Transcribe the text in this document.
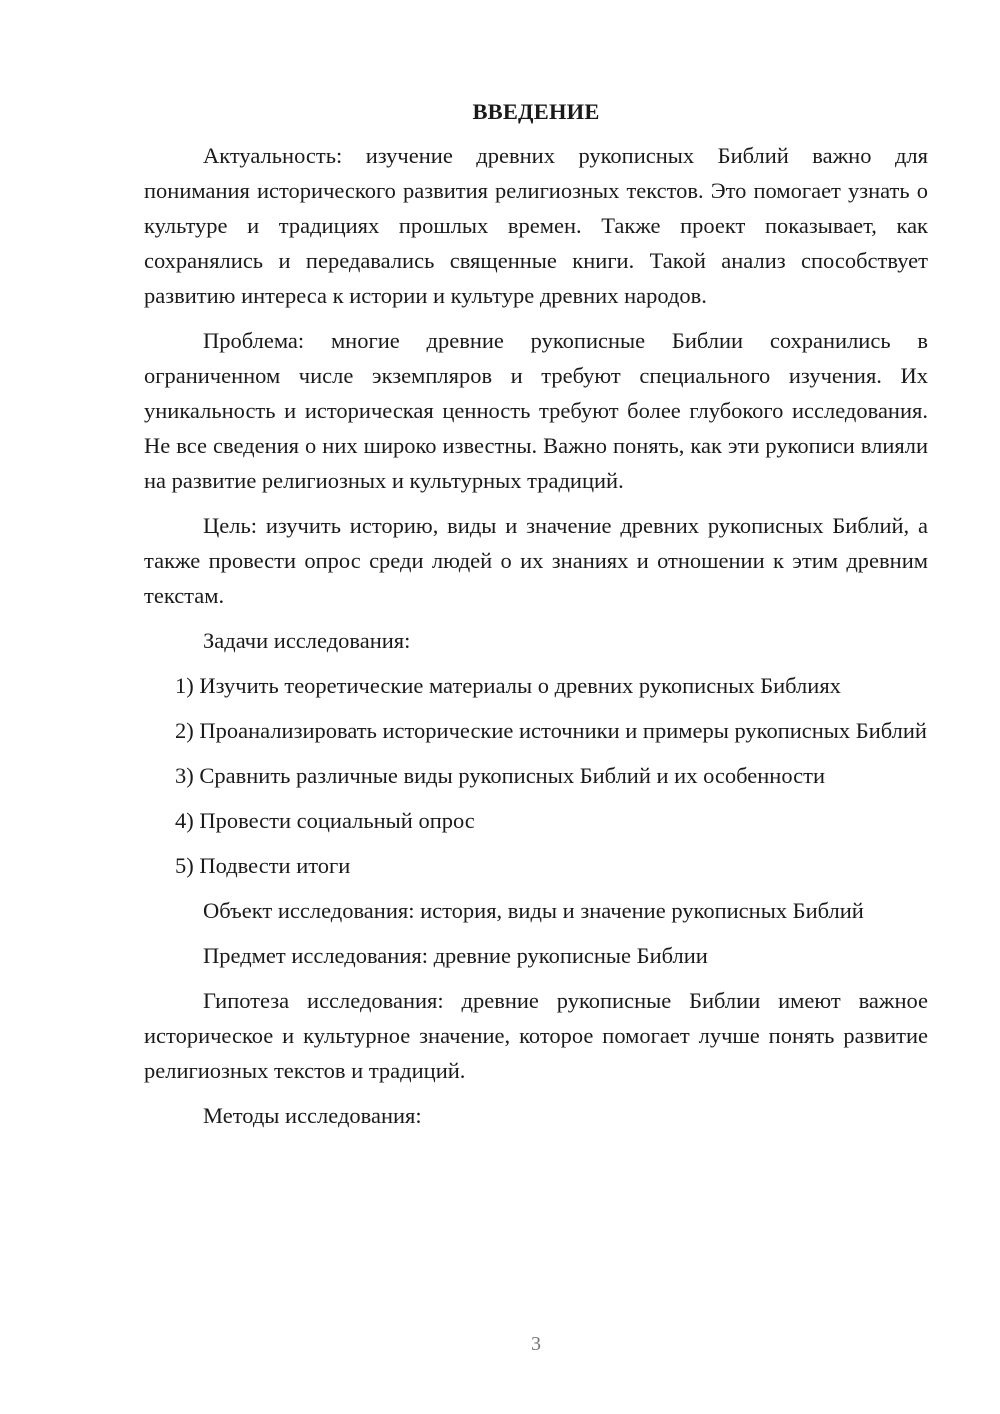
ВВЕДЕНИЕ

Актуальность: изучение древних рукописных Библий важно для понимания исторического развития религиозных текстов. Это помогает узнать о культуре и традициях прошлых времен. Также проект показывает, как сохранялись и передавались священные книги. Такой анализ способствует развитию интереса к истории и культуре древних народов.

Проблема: многие древние рукописные Библии сохранились в ограниченном числе экземпляров и требуют специального изучения. Их уникальность и историческая ценность требуют более глубокого исследования. Не все сведения о них широко известны. Важно понять, как эти рукописи влияли на развитие религиозных и культурных традиций.

Цель: изучить историю, виды и значение древних рукописных Библий, а также провести опрос среди людей о их знаниях и отношении к этим древним текстам.

Задачи исследования:

1) Изучить теоретические материалы о древних рукописных Библиях

2) Проанализировать исторические источники и примеры рукописных Библий

3) Сравнить различные виды рукописных Библий и их особенности

4) Провести социальный опрос

5) Подвести итоги

Объект исследования: история, виды и значение рукописных Библий

Предмет исследования: древние рукописные Библии

Гипотеза исследования: древние рукописные Библии имеют важное историческое и культурное значение, которое помогает лучше понять развитие религиозных текстов и традиций.

Методы исследования:

3
